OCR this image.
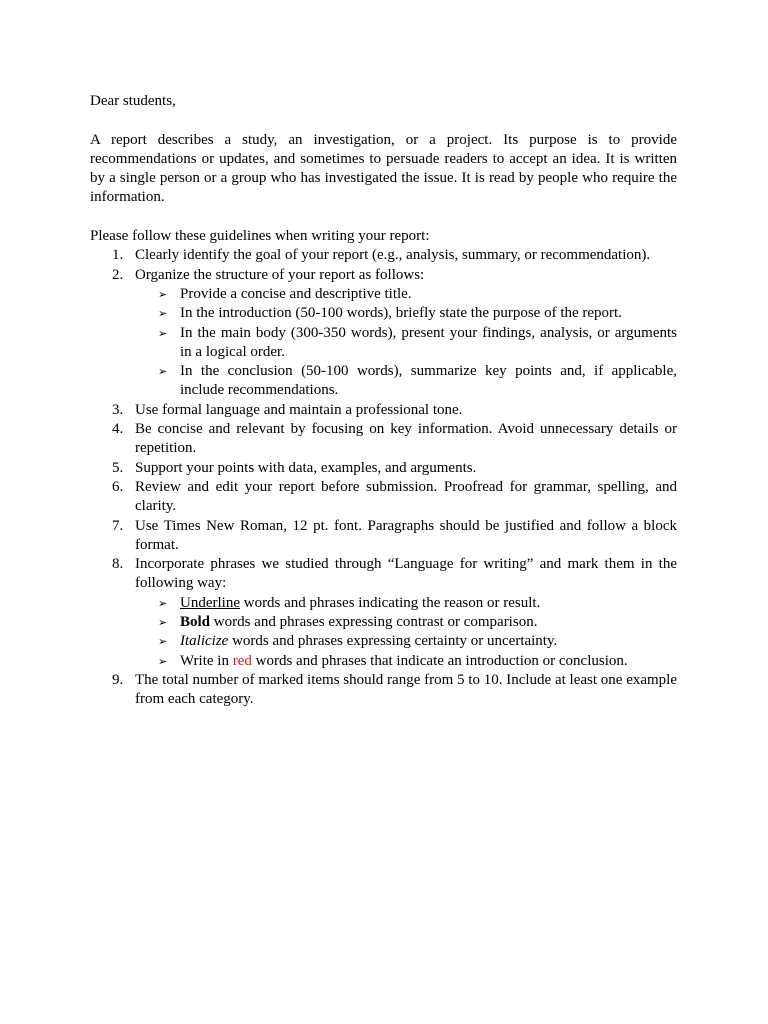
Dear students,

A report describes a study, an investigation, or a project. Its purpose is to provide recommendations or updates, and sometimes to persuade readers to accept an idea. It is written by a single person or a group who has investigated the issue. It is read by people who require the information.

Please follow these guidelines when writing your report:

1. Clearly identify the goal of your report (e.g., analysis, summary, or recommendation).
2. Organize the structure of your report as follows:
➢ Provide a concise and descriptive title.
➢ In the introduction (50-100 words), briefly state the purpose of the report.
➢ In the main body (300-350 words), present your findings, analysis, or arguments in a logical order.
➢ In the conclusion (50-100 words), summarize key points and, if applicable, include recommendations.
3. Use formal language and maintain a professional tone.
4. Be concise and relevant by focusing on key information. Avoid unnecessary details or repetition.
5. Support your points with data, examples, and arguments.
6. Review and edit your report before submission. Proofread for grammar, spelling, and clarity.
7. Use Times New Roman, 12 pt. font. Paragraphs should be justified and follow a block format.
8. Incorporate phrases we studied through “Language for writing” and mark them in the following way:
➢ Underline words and phrases indicating the reason or result.
➢ Bold words and phrases expressing contrast or comparison.
➢ Italicize words and phrases expressing certainty or uncertainty.
➢ Write in red words and phrases that indicate an introduction or conclusion.
9. The total number of marked items should range from 5 to 10. Include at least one example from each category.
